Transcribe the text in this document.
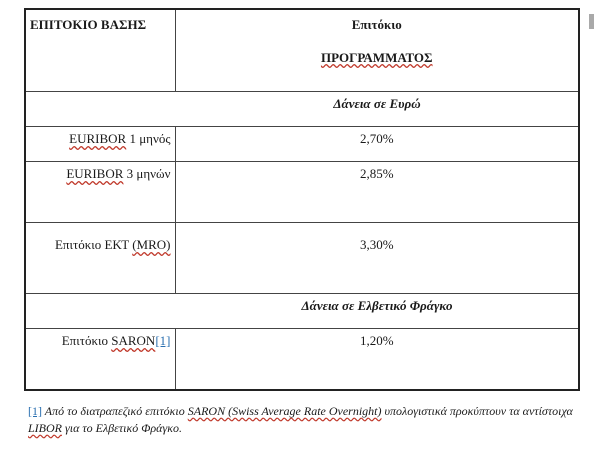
ΕΠΙΤΟΚΙΟ ΒΑΣΗΣ	Επιτόκιο
ΠΡΟΓΡΑΜΜΑΤΟΣ

Δάνεια σε Ευρώ	
EURIBOR 1 μηνός	2,70%
EURIBOR 3 μηνών	2,85%
Επιτόκιο ΕΚΤ (MRO)	3,30%
Δάνεια σε Ελβετικό Φράγκο	
Επιτόκιο SARON[1]	1,20%
[1] Από το διατραπεζικό επιτόκιο SARON (Swiss Average Rate Overnight) υπολογιστικά προκύπτουν τα αντίστοιχα LIBOR για το Ελβετικό Φράγκο.
